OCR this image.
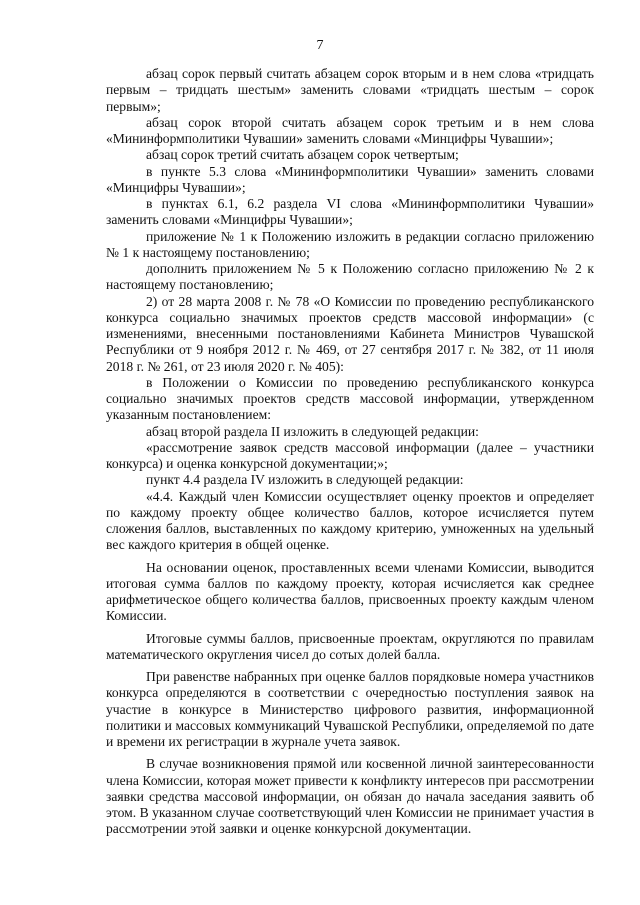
7

абзац сорок первый считать абзацем сорок вторым и в нем слова «тридцать первым – тридцать шестым» заменить словами «тридцать шестым – сорок первым»;

абзац сорок второй считать абзацем сорок третьим и в нем слова «Мининформполитики Чувашии» заменить словами «Минцифры Чувашии»;

абзац сорок третий считать абзацем сорок четвертым;

в пункте 5.3 слова «Мининформполитики Чувашии» заменить словами «Минцифры Чувашии»;

в пунктах 6.1, 6.2 раздела VI слова «Мининформполитики Чувашии» заменить словами «Минцифры Чувашии»;

приложение № 1 к Положению изложить в редакции согласно приложению № 1 к настоящему постановлению;

дополнить приложением № 5 к Положению согласно приложению № 2 к настоящему постановлению;

2) от 28 марта 2008 г. № 78 «О Комиссии по проведению республиканского конкурса социально значимых проектов средств массовой информации» (с изменениями, внесенными постановлениями Кабинета Министров Чувашской Республики от 9 ноября 2012 г. № 469, от 27 сентября 2017 г. № 382, от 11 июля 2018 г. № 261, от 23 июля 2020 г. № 405):

в Положении о Комиссии по проведению республиканского конкурса социально значимых проектов средств массовой информации, утвержденном указанным постановлением:

абзац второй раздела II изложить в следующей редакции:

«рассмотрение заявок средств массовой информации (далее – участники конкурса) и оценка конкурсной документации;»;

пункт 4.4 раздела IV изложить в следующей редакции:

«4.4. Каждый член Комиссии осуществляет оценку проектов и определяет по каждому проекту общее количество баллов, которое исчисляется путем сложения баллов, выставленных по каждому критерию, умноженных на удельный вес каждого критерия в общей оценке.

На основании оценок, проставленных всеми членами Комиссии, выводится итоговая сумма баллов по каждому проекту, которая исчисляется как среднее арифметическое общего количества баллов, присвоенных проекту каждым членом Комиссии.

Итоговые суммы баллов, присвоенные проектам, округляются по правилам математического округления чисел до сотых долей балла.

При равенстве набранных при оценке баллов порядковые номера участников конкурса определяются в соответствии с очередностью поступления заявок на участие в конкурсе в Министерство цифрового развития, информационной политики и массовых коммуникаций Чувашской Республики, определяемой по дате и времени их регистрации в журнале учета заявок.

В случае возникновения прямой или косвенной личной заинтересованности члена Комиссии, которая может привести к конфликту интересов при рассмотрении заявки средства массовой информации, он обязан до начала заседания заявить об этом. В указанном случае соответствующий член Комиссии не принимает участия в рассмотрении этой заявки и оценке конкурсной документации.
